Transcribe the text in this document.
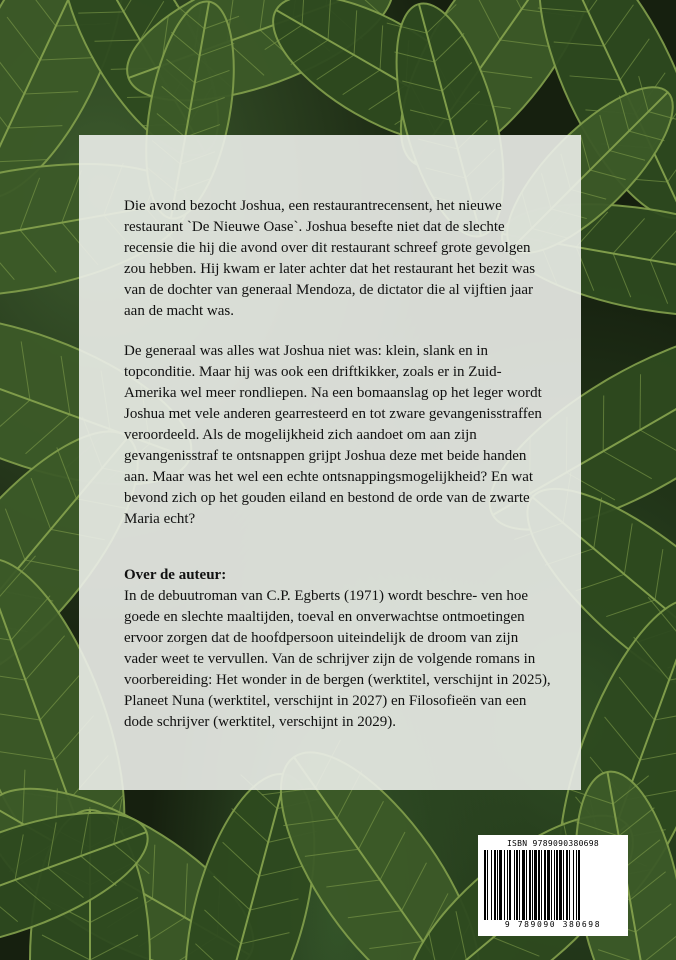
Die avond bezocht Joshua, een restaurantrecensent, het nieuwe restaurant `De Nieuwe Oase`. Joshua besefte niet dat de slechte recensie die hij die avond over dit restaurant schreef grote gevolgen zou hebben. Hij kwam er later achter dat het restaurant het bezit was van de dochter van generaal Mendoza, de dictator die al vijftien jaar aan de macht was.

De generaal was alles wat Joshua niet was: klein, slank en in topconditie. Maar hij was ook een driftkikker, zoals er in Zuid-Amerika wel meer rondliepen. Na een bomaanslag op het leger wordt Joshua met vele anderen gearresteerd en tot zware gevangenisstraffen veroordeeld. Als de mogelijkheid zich aandoet om aan zijn gevangenisstraf te ontsnappen grijpt Joshua deze met beide handen aan. Maar was het wel een echte ontsnappingsmogelijkheid? En wat bevond zich op het gouden eiland en bestond de orde van de zwarte Maria echt?

Over de auteur:

In de debuutroman van C.P. Egberts (1971) wordt beschre- ven hoe goede en slechte maaltijden, toeval en onverwachtse ontmoetingen ervoor zorgen dat de hoofdpersoon uiteindelijk de droom van zijn vader weet te vervullen. Van de schrijver zijn de volgende romans in voorbereiding: Het wonder in de bergen (werktitel, verschijnt in 2025), Planeet Nuna (werktitel, verschijnt in 2027) en Filosofieën van een dode schrijver (werktitel, verschijnt in 2029).

ISBN 9789090380698
9 789090 380698
